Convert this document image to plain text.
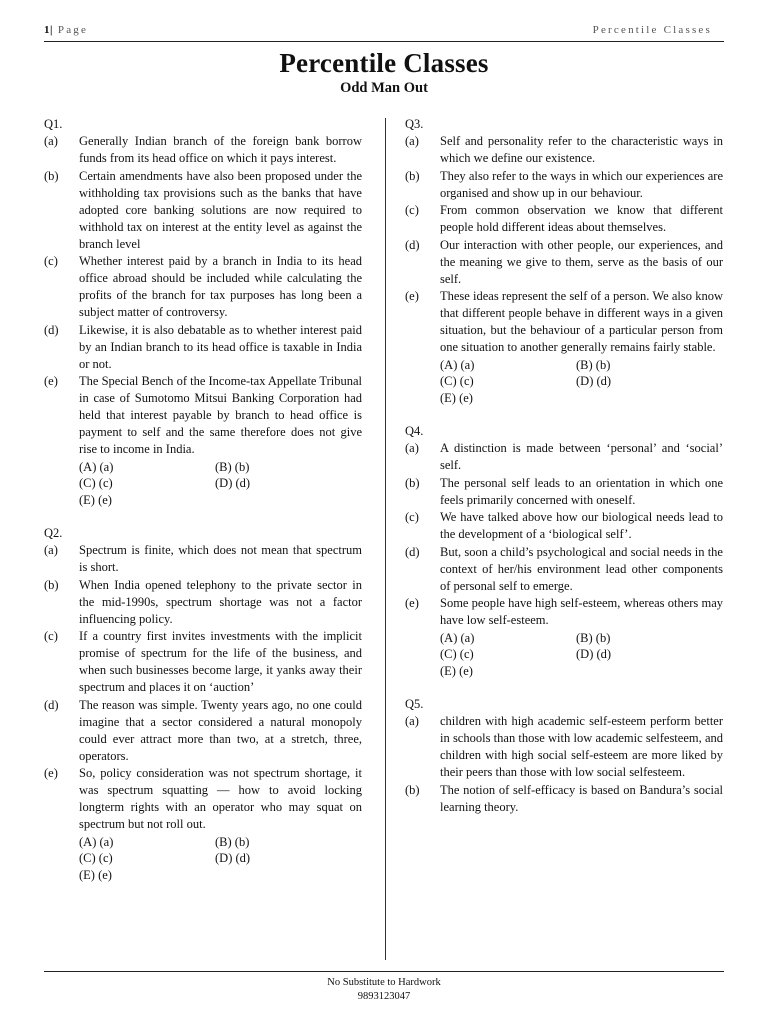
1| Page	Percentile Classes
Percentile Classes
Odd Man Out
Q1.
(a)	Generally Indian branch of the foreign bank borrow funds from its head office on which it pays interest.
(b)	Certain amendments have also been proposed under the withholding tax provisions such as the banks that have adopted core banking solutions are now required to withhold tax on interest at the entity level as against the branch level
(c)	Whether interest paid by a branch in India to its head office abroad should be included while calculating the profits of the branch for tax purposes has long been a subject matter of controversy.
(d)	Likewise, it is also debatable as to whether interest paid by an Indian branch to its head office is taxable in India or not.
(e)	The Special Bench of the Income-tax Appellate Tribunal in case of Sumotomo Mitsui Banking Corporation had held that interest payable by branch to head office is payment to self and the same therefore does not give rise to income in India.
(A) (a)	(B) (b)
(C) (c)	(D) (d)
(E) (e)
Q2.
(a)	Spectrum is finite, which does not mean that spectrum is short.
(b)	When India opened telephony to the private sector in the mid-1990s, spectrum shortage was not a factor influencing policy.
(c)	If a country first invites investments with the implicit promise of spectrum for the life of the business, and when such businesses become large, it yanks away their spectrum and places it on ‘auction’
(d)	The reason was simple. Twenty years ago, no one could imagine that a sector considered a natural monopoly could ever attract more than two, at a stretch, three, operators.
(e)	So, policy consideration was not spectrum shortage, it was spectrum squatting — how to avoid locking longterm rights with an operator who may squat on spectrum but not roll out.
(A) (a)	(B) (b)
(C) (c)	(D) (d)
(E) (e)
Q3.
(a)	Self and personality refer to the characteristic ways in which we define our existence.
(b)	They also refer to the ways in which our experiences are organised and show up in our behaviour.
(c)	From common observation we know that different people hold different ideas about themselves.
(d)	Our interaction with other people, our experiences, and the meaning we give to them, serve as the basis of our self.
(e)	These ideas represent the self of a person. We also know that different people behave in different ways in a given situation, but the behaviour of a particular person from one situation to another generally remains fairly stable.
(A) (a)	(B) (b)
(C) (c)	(D) (d)
(E) (e)
Q4.
(a)	A distinction is made between ‘personal’ and ‘social’ self.
(b)	The personal self leads to an orientation in which one feels primarily concerned with oneself.
(c)	We have talked above how our biological needs lead to the development of a ‘biological self’.
(d)	But, soon a child’s psychological and social needs in the context of her/his environment lead other components of personal self to emerge.
(e)	Some people have high self-esteem, whereas others may have low self-esteem.
(A) (a)	(B) (b)
(C) (c)	(D) (d)
(E) (e)
Q5.
(a)	children with high academic self-esteem perform better in schools than those with low academic selfesteem, and children with high social self-esteem are more liked by their peers than those with low social selfesteem.
(b)	The notion of self-efficacy is based on Bandura’s social learning theory.
No Substitute to Hardwork
9893123047
